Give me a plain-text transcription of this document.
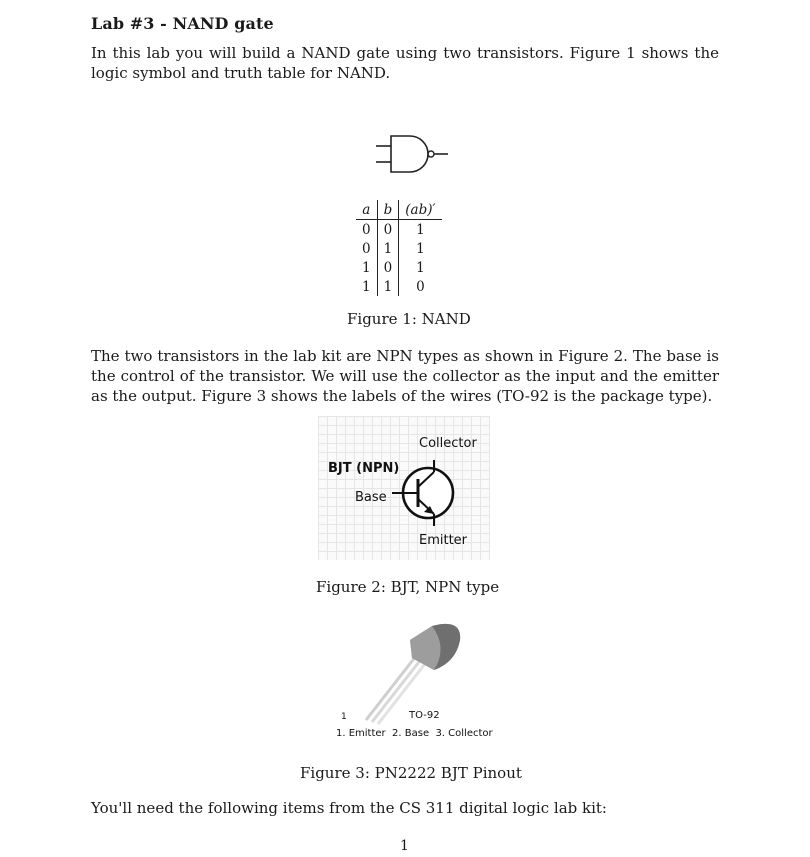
Lab #3 - NAND gate

In this lab you will build a NAND gate using two transistors. Figure 1 shows the logic symbol and truth table for NAND.

a	b	(ab)′
0	0	1
0	1	1
1	0	1
1	1	0
Figure 1: NAND

The two transistors in the lab kit are NPN types as shown in Figure 2. The base is the control of the transistor. We will use the collector as the input and the emitter as the output. Figure 3 shows the labels of the wires (TO-92 is the package type).

Collector
BJT (NPN)
Base
Emitter
Figure 2: BJT, NPN type
1	TO-92
1. Emitter  2. Base  3. Collector
Figure 3: PN2222 BJT Pinout

You'll need the following items from the CS 311 digital logic lab kit:

1
